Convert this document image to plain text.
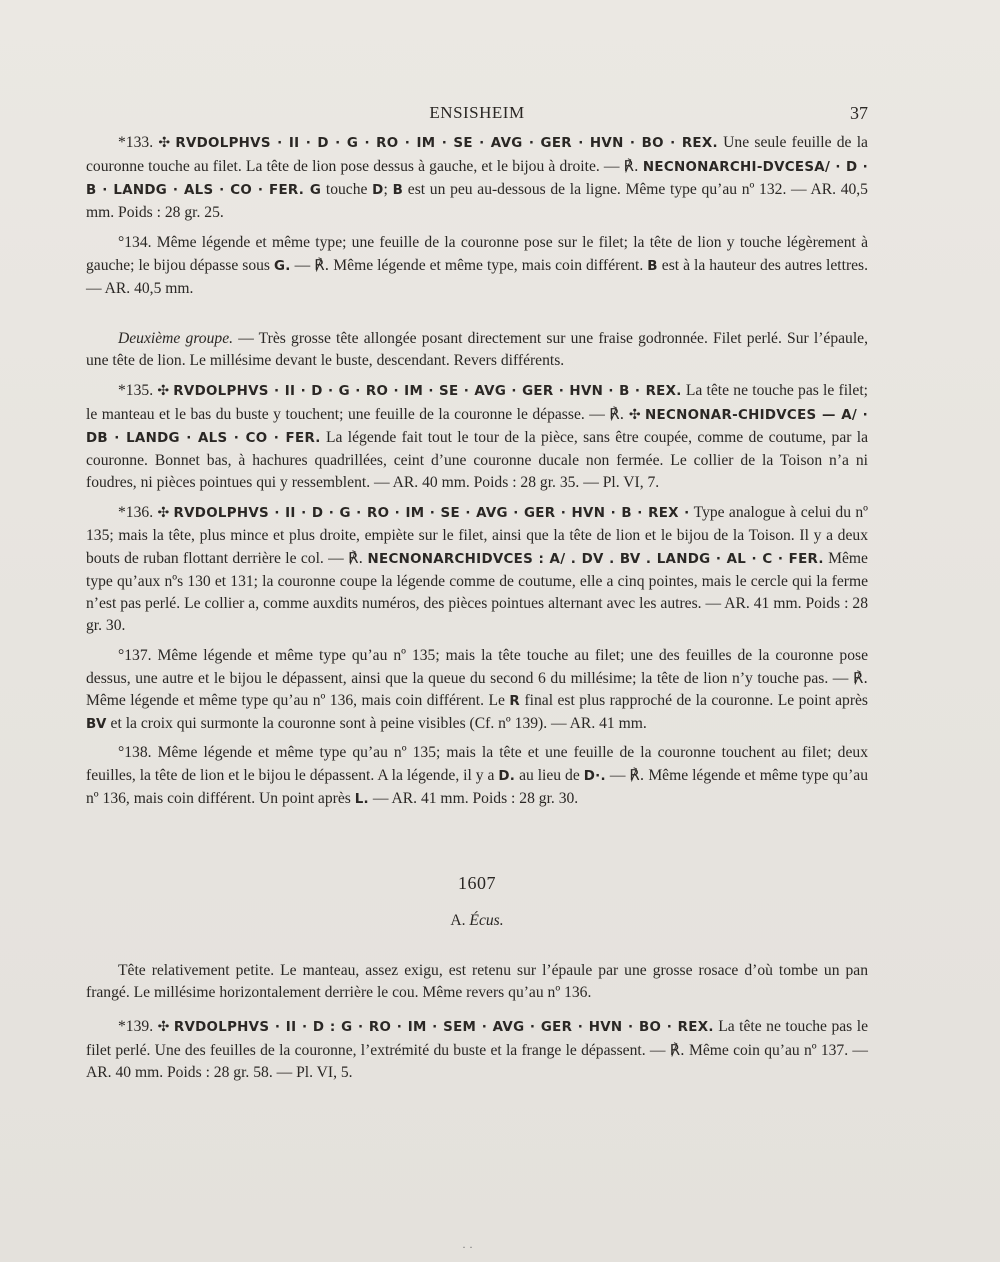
ENSISHEIM	37

*133. ✣ RVDOLPHVS · II · D · G · RO · IM · SE · AVG · GER · HVN · BO · REX. Une seule feuille de la couronne touche au filet. La tête de lion pose dessus à gauche, et le bijou à droite. — ℟. NECNONARCHI-DVCESA/ · D · B · LANDG · ALS · CO · FER. G touche D; B est un peu au-dessous de la ligne. Même type qu’au nº 132. — AR. 40,5 mm. Poids : 28 gr. 25.

°134. Même légende et même type; une feuille de la couronne pose sur le filet; la tête de lion y touche légèrement à gauche; le bijou dépasse sous G. — ℟. Même légende et même type, mais coin différent. B est à la hauteur des autres lettres. — AR. 40,5 mm.

Deuxième groupe. — Très grosse tête allongée posant directement sur une fraise godronnée. Filet perlé. Sur l’épaule, une tête de lion. Le millésime devant le buste, descendant. Revers différents.

*135. ✣ RVDOLPHVS · II · D · G · RO · IM · SE · AVG · GER · HVN · B · REX. La tête ne touche pas le filet; le manteau et le bas du buste y touchent; une feuille de la couronne le dépasse. — ℟. ✣ NECNONAR-CHIDVCES — A/ · DB · LANDG · ALS · CO · FER. La légende fait tout le tour de la pièce, sans être coupée, comme de coutume, par la couronne. Bonnet bas, à hachures quadrillées, ceint d’une couronne ducale non fermée. Le collier de la Toison n’a ni foudres, ni pièces pointues qui y ressemblent. — AR. 40 mm. Poids : 28 gr. 35. — Pl. VI, 7.

*136. ✣ RVDOLPHVS · II · D · G · RO · IM · SE · AVG · GER · HVN · B · REX · Type analogue à celui du nº 135; mais la tête, plus mince et plus droite, empiète sur le filet, ainsi que la tête de lion et le bijou de la Toison. Il y a deux bouts de ruban flottant derrière le col. — ℟. NECNONARCHIDVCES : A/ . DV . BV . LANDG · AL · C · FER. Même type qu’aux nºs 130 et 131; la couronne coupe la légende comme de coutume, elle a cinq pointes, mais le cercle qui la ferme n’est pas perlé. Le collier a, comme auxdits numéros, des pièces pointues alternant avec les autres. — AR. 41 mm. Poids : 28 gr. 30.

°137. Même légende et même type qu’au nº 135; mais la tête touche au filet; une des feuilles de la couronne pose dessus, une autre et le bijou le dépassent, ainsi que la queue du second 6 du millésime; la tête de lion n’y touche pas. — ℟. Même légende et même type qu’au nº 136, mais coin différent. Le R final est plus rapproché de la couronne. Le point après BV et la croix qui surmonte la couronne sont à peine visibles (Cf. nº 139). — AR. 41 mm.

°138. Même légende et même type qu’au nº 135; mais la tête et une feuille de la couronne touchent au filet; deux feuilles, la tête de lion et le bijou le dépassent. A la légende, il y a D. au lieu de D·. — ℟. Même légende et même type qu’au nº 136, mais coin différent. Un point après L. — AR. 41 mm. Poids : 28 gr. 30.

1607
A. Écus.

Tête relativement petite. Le manteau, assez exigu, est retenu sur l’épaule par une grosse rosace d’où tombe un pan frangé. Le millésime horizontalement derrière le cou. Même revers qu’au nº 136.

*139. ✣ RVDOLPHVS · II · D : G · RO · IM · SEM · AVG · GER · HVN · BO · REX. La tête ne touche pas le filet perlé. Une des feuilles de la couronne, l’extrémité du buste et la frange le dépassent. — ℟. Même coin qu’au nº 137. — AR. 40 mm. Poids : 28 gr. 58. — Pl. VI, 5.

· ·
